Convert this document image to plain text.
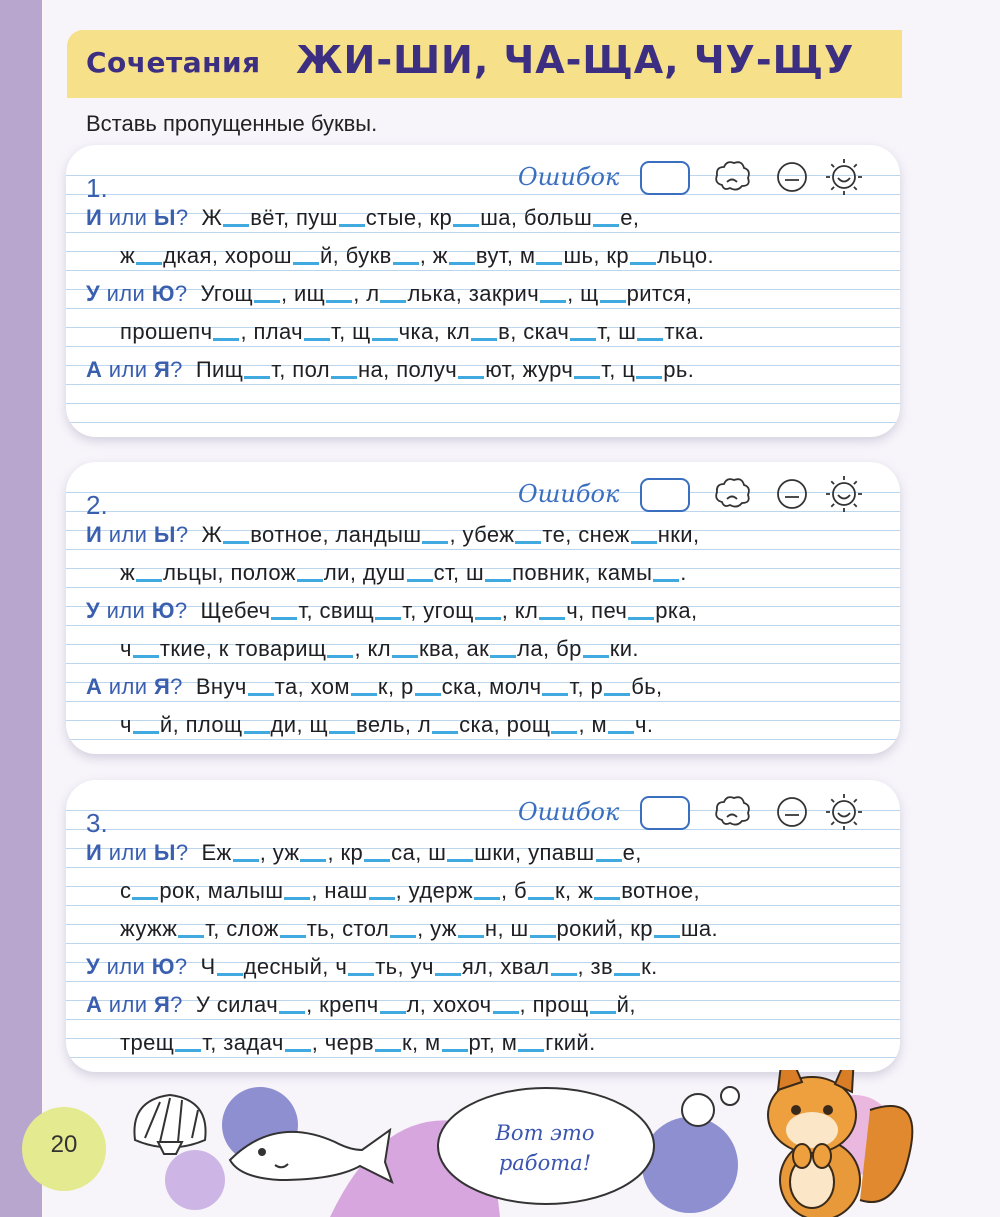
Сочетания ЖИ-ШИ, ЧА-ЩА, ЧУ-ЩУ
Вставь пропущенные буквы.
1.	Ошибок
И или Ы? Ж вёт, пуш стые, кр ша, больш е,
ж дкая, хорош й, букв , ж вут, м шь, кр льцо.
У или Ю? Угощ , ищ , л лька, закрич , щ рится,
прошепч , плач т, щ чка, кл в, скач т, ш тка.
А или Я? Пищ т, пол на, получ ют, журч т, ц рь.
2.	Ошибок
И или Ы? Ж вотное, ландыш , убеж те, снеж нки,
ж льцы, полож ли, душ ст, ш повник, камы .
У или Ю? Щебеч т, свищ т, угощ , кл ч, печ рка,
ч ткие, к товарищ , кл ква, ак ла, бр ки.
А или Я? Внуч та, хом к, р ска, молч т, р бь,
ч й, площ ди, щ вель, л ска, рощ , м ч.
3.	Ошибок
И или Ы? Еж , уж , кр са, ш шки, упавш е,
с рок, малыш , наш , удерж , б к, ж вотное,
жужж т, слож ть, стол , уж н, ш рокий, кр ша.
У или Ю? Ч десный, ч ть, уч ял, хвал , зв к.
А или Я? У силач , крепч л, хохоч , прощ й,
трещ т, задач , черв к, м рт, м гкий.
20	Вот это
работа!
